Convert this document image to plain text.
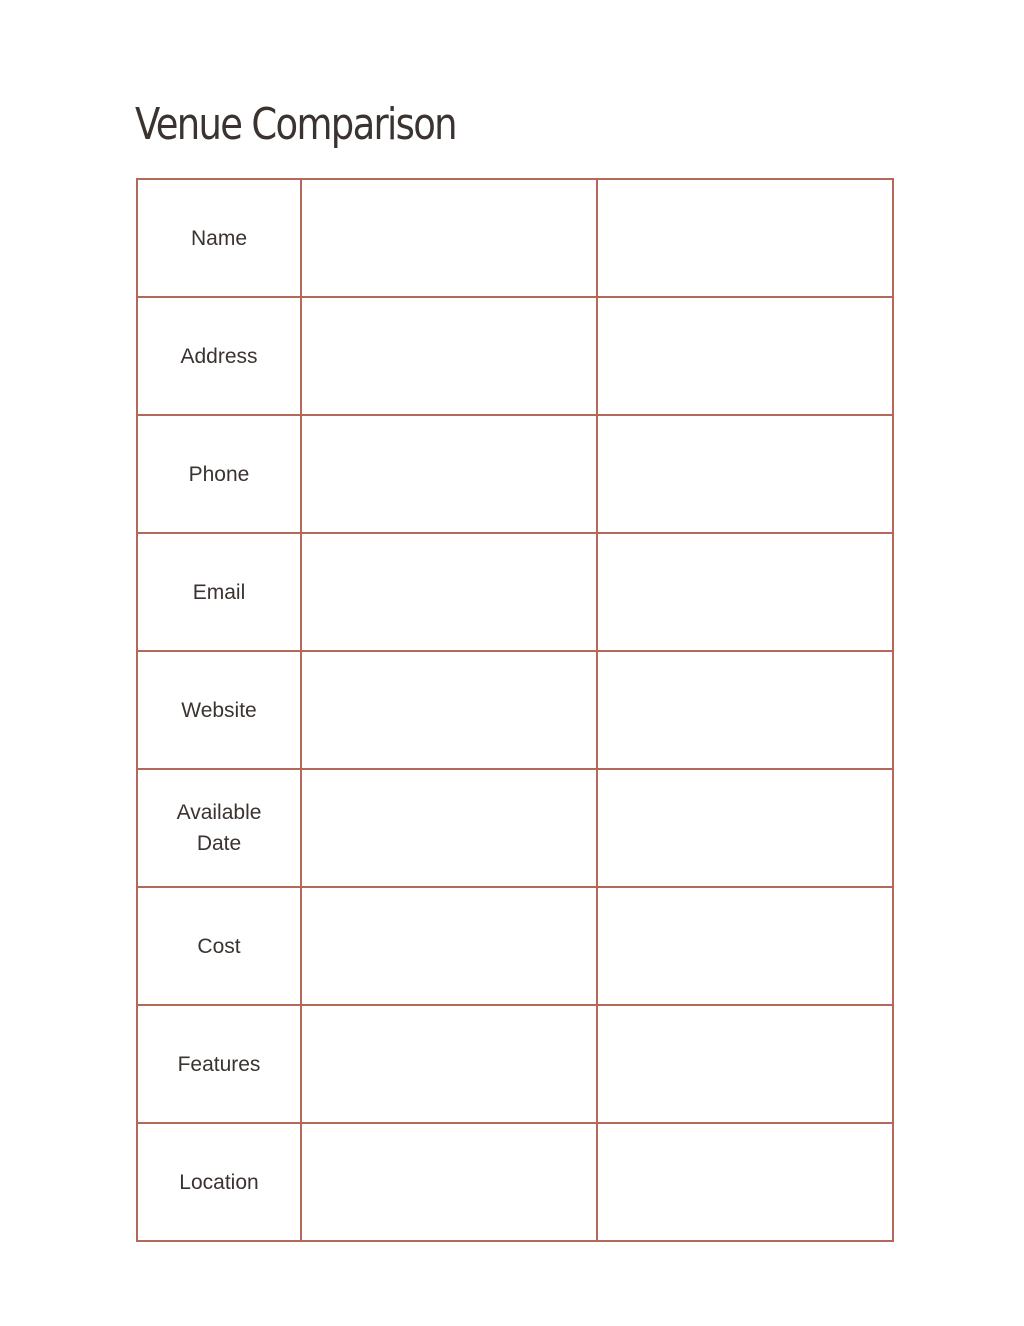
Venue Comparison
Name		
Address		
Phone		
Email		
Website		
Available Date		
Cost		
Features		
Location		
